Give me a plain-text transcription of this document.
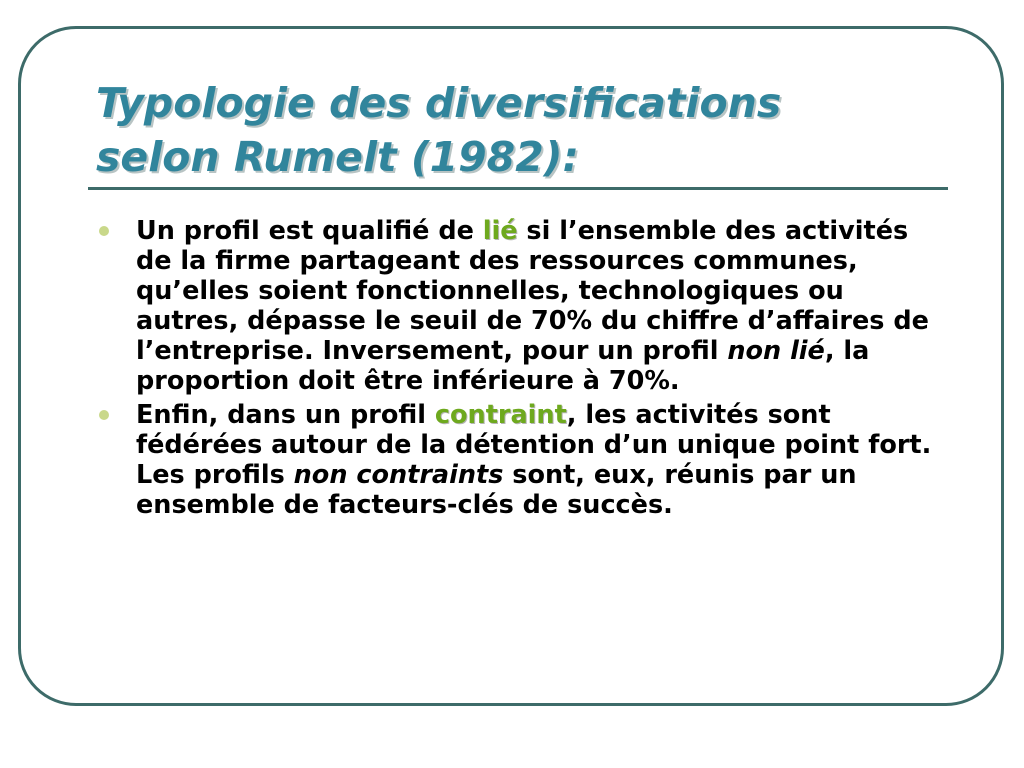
Typologie des diversifications
selon Rumelt (1982):
Un profil est qualifié de lié si l’ensemble des activités de la firme partageant des ressources communes, qu’elles soient fonctionnelles, technologiques ou autres, dépasse le seuil de 70% du chiffre d’affaires de l’entreprise. Inversement, pour un profil non lié, la proportion doit être inférieure à 70%.
Enfin, dans un profil contraint, les activités sont fédérées autour de la détention d’un unique point fort. Les profils non contraints sont, eux, réunis par un ensemble de facteurs-clés de succès.
